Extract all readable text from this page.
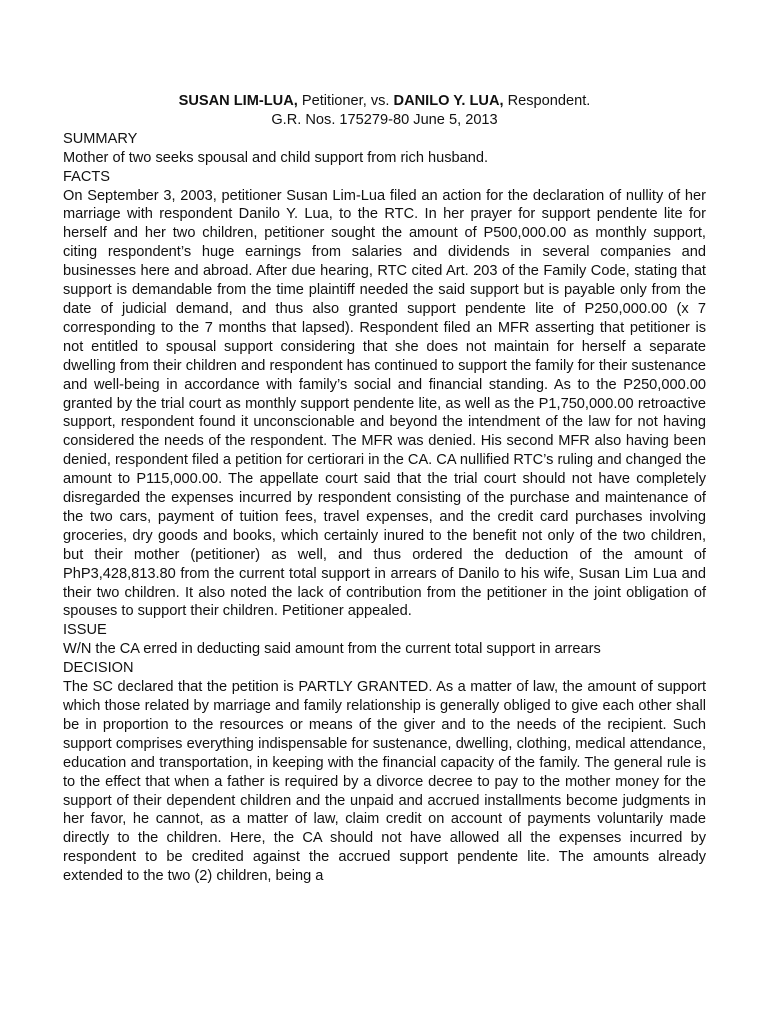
SUSAN LIM-LUA, Petitioner, vs. DANILO Y. LUA, Respondent.
G.R. Nos. 175279-80 June 5, 2013
SUMMARY

Mother of two seeks spousal and child support from rich husband.

FACTS

On September 3, 2003, petitioner Susan Lim-Lua filed an action for the declaration of nullity of her marriage with respondent Danilo Y. Lua, to the RTC. In her prayer for support pendente lite for herself and her two children, petitioner sought the amount of P500,000.00 as monthly support, citing respondent’s huge earnings from salaries and dividends in several companies and businesses here and abroad. After due hearing, RTC cited Art. 203 of the Family Code, stating that support is demandable from the time plaintiff needed the said support but is payable only from the date of judicial demand, and thus also granted support pendente lite of P250,000.00 (x 7 corresponding to the 7 months that lapsed). Respondent filed an MFR asserting that petitioner is not entitled to spousal support considering that she does not maintain for herself a separate dwelling from their children and respondent has continued to support the family for their sustenance and well-being in accordance with family’s social and financial standing. As to the P250,000.00 granted by the trial court as monthly support pendente lite, as well as the P1,750,000.00 retroactive support, respondent found it unconscionable and beyond the intendment of the law for not having considered the needs of the respondent. The MFR was denied. His second MFR also having been denied, respondent filed a petition for certiorari in the CA. CA nullified RTC’s ruling and changed the amount to P115,000.00. The appellate court said that the trial court should not have completely disregarded the expenses incurred by respondent consisting of the purchase and maintenance of the two cars, payment of tuition fees, travel expenses, and the credit card purchases involving groceries, dry goods and books, which certainly inured to the benefit not only of the two children, but their mother (petitioner) as well, and thus ordered the deduction of the amount of PhP3,428,813.80 from the current total support in arrears of Danilo to his wife, Susan Lim Lua and their two children. It also noted the lack of contribution from the petitioner in the joint obligation of spouses to support their children. Petitioner appealed.

ISSUE

W/N the CA erred in deducting said amount from the current total support in arrears

DECISION

The SC declared that the petition is PARTLY GRANTED. As a matter of law, the amount of support which those related by marriage and family relationship is generally obliged to give each other shall be in proportion to the resources or means of the giver and to the needs of the recipient. Such support comprises everything indispensable for sustenance, dwelling, clothing, medical attendance, education and transportation, in keeping with the financial capacity of the family. The general rule is to the effect that when a father is required by a divorce decree to pay to the mother money for the support of their dependent children and the unpaid and accrued installments become judgments in her favor, he cannot, as a matter of law, claim credit on account of payments voluntarily made directly to the children. Here, the CA should not have allowed all the expenses incurred by respondent to be credited against the accrued support pendente lite. The amounts already extended to the two (2) children, being a
